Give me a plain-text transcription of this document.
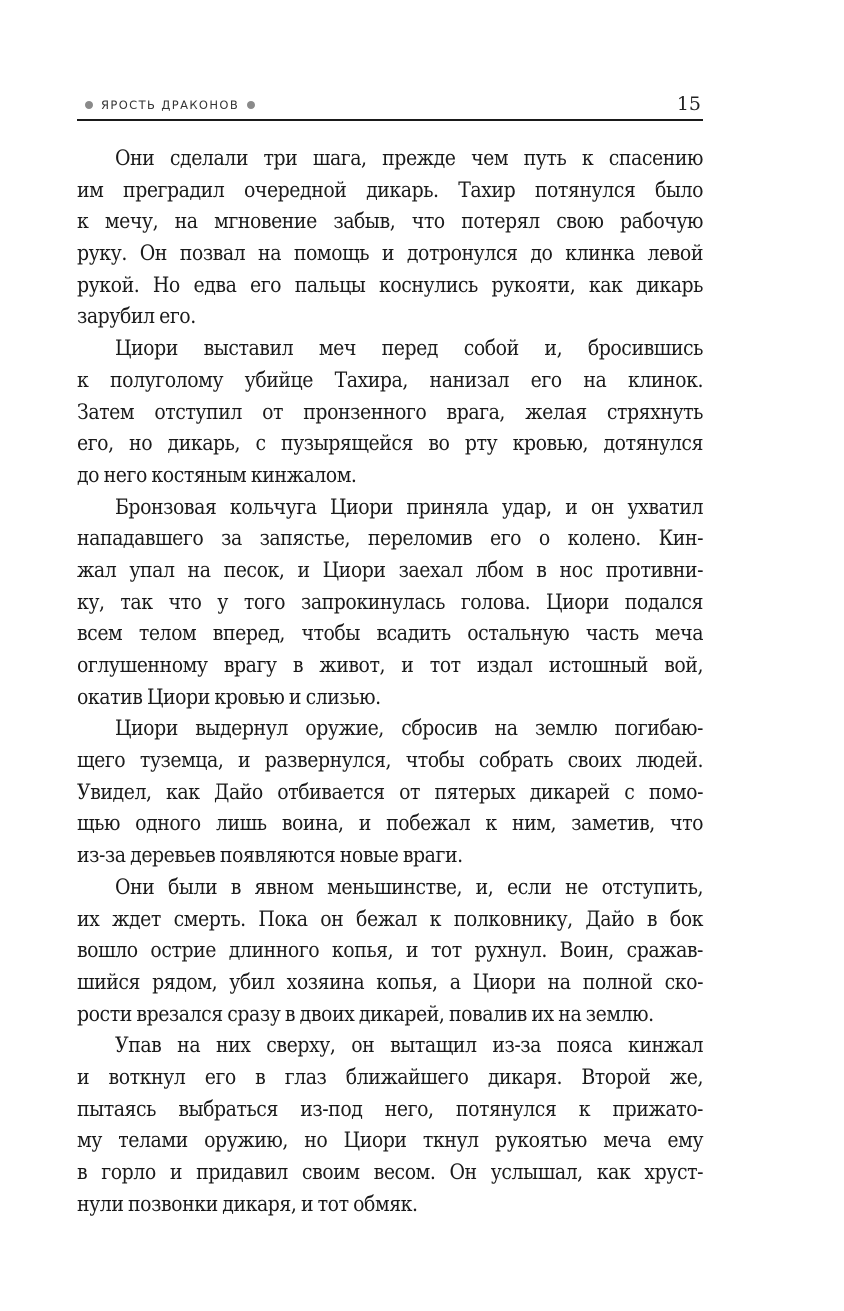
ЯРОСТЬ ДРАКОНОВ	15
Они сделали три шага, прежде чем путь к спасению
им преградил очередной дикарь. Тахир потянулся было
к мечу, на мгновение забыв, что потерял свою рабочую
руку. Он позвал на помощь и дотронулся до клинка левой
рукой. Но едва его пальцы коснулись рукояти, как дикарь
зарубил его.
Циори выставил меч перед собой и, бросившись
к полуголому убийце Тахира, нанизал его на клинок.
Затем отступил от пронзенного врага, желая стряхнуть
его, но дикарь, с пузырящейся во рту кровью, дотянулся
до него костяным кинжалом.
Бронзовая кольчуга Циори приняла удар, и он ухватил
нападавшего за запястье, переломив его о колено. Кин-
жал упал на песок, и Циори заехал лбом в нос противни-
ку, так что у того запрокинулась голова. Циори подался
всем телом вперед, чтобы всадить остальную часть меча
оглушенному врагу в живот, и тот издал истошный вой,
окатив Циори кровью и слизью.
Циори выдернул оружие, сбросив на землю погибаю-
щего туземца, и развернулся, чтобы собрать своих людей.
Увидел, как Дайо отбивается от пятерых дикарей с помо-
щью одного лишь воина, и побежал к ним, заметив, что
из-за деревьев появляются новые враги.
Они были в явном меньшинстве, и, если не отступить,
их ждет смерть. Пока он бежал к полковнику, Дайо в бок
вошло острие длинного копья, и тот рухнул. Воин, сражав-
шийся рядом, убил хозяина копья, а Циори на полной ско-
рости врезался сразу в двоих дикарей, повалив их на землю.
Упав на них сверху, он вытащил из-за пояса кинжал
и воткнул его в глаз ближайшего дикаря. Второй же,
пытаясь выбраться из-под него, потянулся к прижато-
му телами оружию, но Циори ткнул рукоятью меча ему
в горло и придавил своим весом. Он услышал, как хруст-
нули позвонки дикаря, и тот обмяк.
